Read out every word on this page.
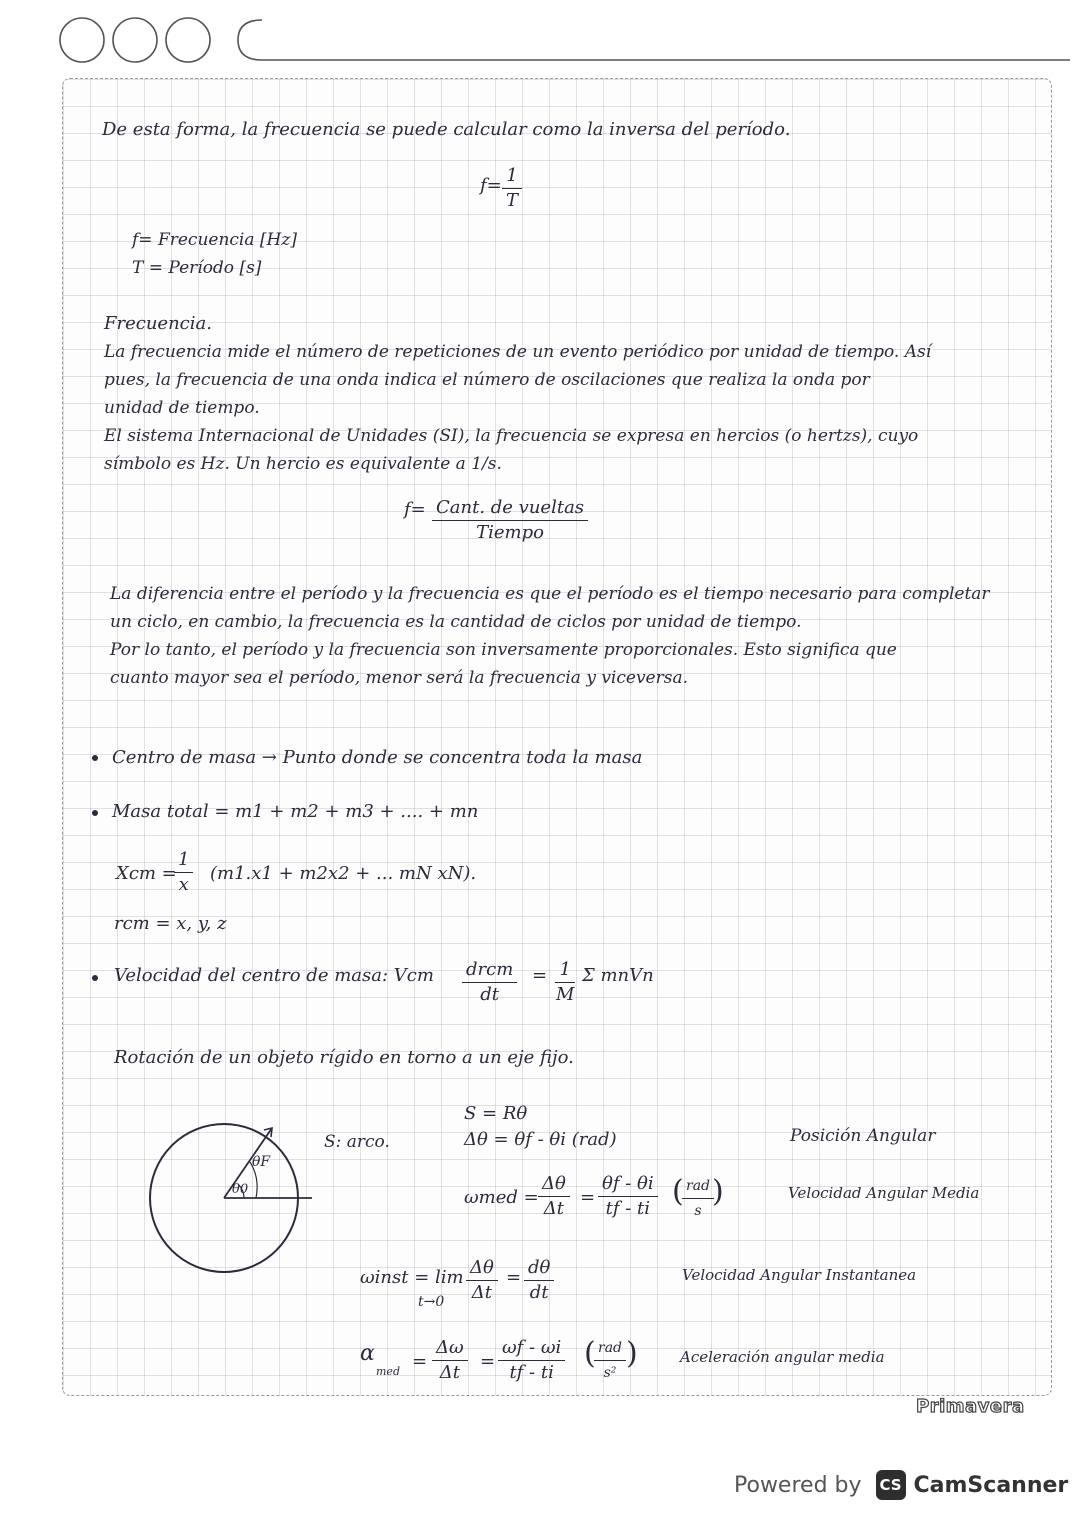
De esta forma, la frecuencia se puede calcular como la inversa del período.
$f= \frac{1}{T}$
f= Frecuencia [Hz]
T = Período [s]
Frecuencia.
La frecuencia mide el número de repeticiones de un evento periódico por unidad de tiempo. Así
pues, la frecuencia de una onda indica el número de oscilaciones que realiza la onda por
unidad de tiempo.
El sistema Internacional de Unidades (SI), la frecuencia se expresa en hercios (o hertzs), cuyo
símbolo es Hz. Un hercio es equivalente a 1/s.
f= Cant. de vueltas
Tiempo
La diferencia entre el período y la frecuencia es que el período es el tiempo necesario para completar
un ciclo, en cambio, la frecuencia es la cantidad de ciclos por unidad de tiempo.
Por lo tanto, el período y la frecuencia son inversamente proporcionales. Esto significa que
cuanto mayor sea el período, menor será la frecuencia y viceversa.
Centro de masa → Punto donde se concentra toda la masa
Masa total = m1 + m2 + m3 + .... + mn
Xcm =
$\frac{1}{x} (m1.x1 + m2x2$ + ... mN xN).
rcm = x, y, z
Velocidad del centro de masa: Vcm drcm
dt
= $\frac{1}{M}$ Σ mnVn
Rotación de un objeto rígido en torno a un eje fijo.
θF
θ0
S: arco.
S = Rθ
Δθ = θf - θi (rad)
$\omega med = \frac{\Delta\theta}{\Delta t} = \frac{\theta f - \theta i}{tf - ti}$ ( rad
s
)
ωinst = lim
$t\to 0 \frac{\Delta\theta}{\Delta t} = \frac{d\theta}{dt}$
α
med = $\frac{\Delta\omega}{\Delta t} = \frac{\omega f - \omega i}{tf - ti}$ ( rad
s²
)
Posición Angular
Velocidad Angular Media
Velocidad Angular Instantanea
Aceleración angular media
Primavera
Powered by CS CamScanner
